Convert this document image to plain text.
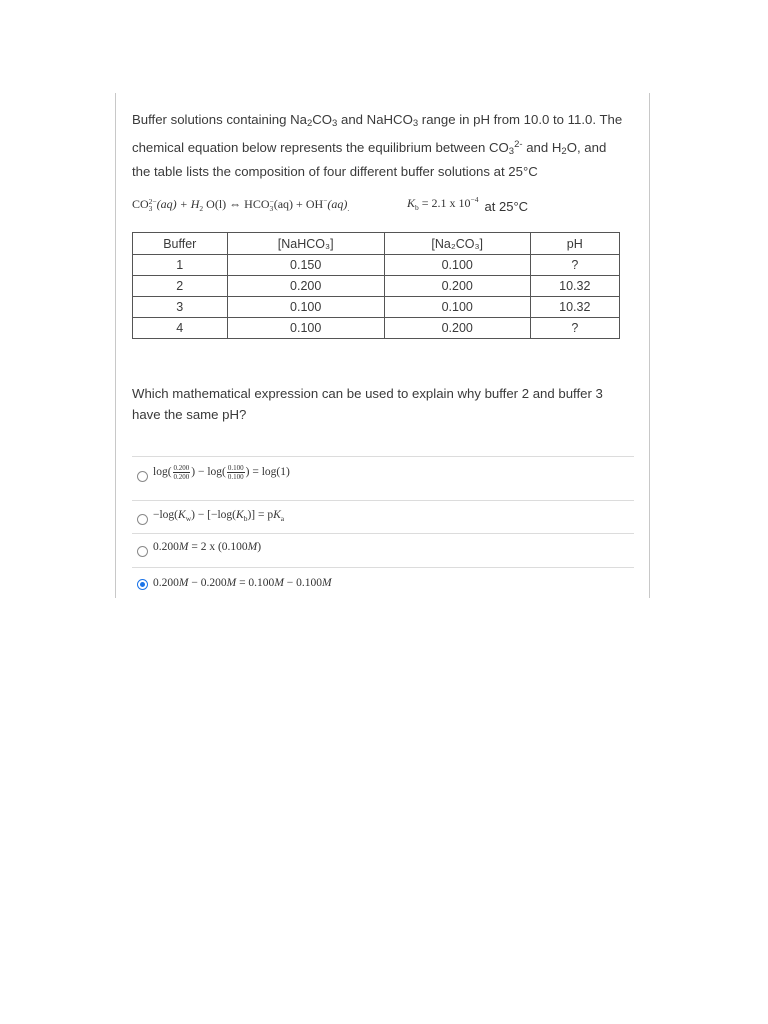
Buffer solutions containing $Na_2CO_3$ and NaHCO$_3$ range in pH from 10.0 to 11.0. The

chemical equation below represents the equilibrium between $CO_3^{2-}$ and $H_2O$, and

the table lists the composition of four different buffer solutions at 25°C

CO 2−
3 $(aq) + H_2$ O(l) ⇔ HCO −
3 $(aq) + OH^-(aq)_.$	$K_b = 2.1$ x $10^{-4}$ at 25°C
Buffer	[NaHCO₃]	[Na₂CO₃]	pH
1	0.150	0.100	?
2	0.200	0.200	10.32
3	0.100	0.100	10.32
4	0.100	0.200	?

Which mathematical expression can be used to explain why buffer 2 and buffer 3

have the same pH?

$\log( \frac{0.200}{0.200}$ ) − $\log( \frac{0.100}{0.100}$ ) = log(1)
$-\log(K_w) - [-\log(K_b)] = pK_a$
0.200M = 2 x (0.100M)
0.200M − 0.200M = 0.100M − 0.100M
